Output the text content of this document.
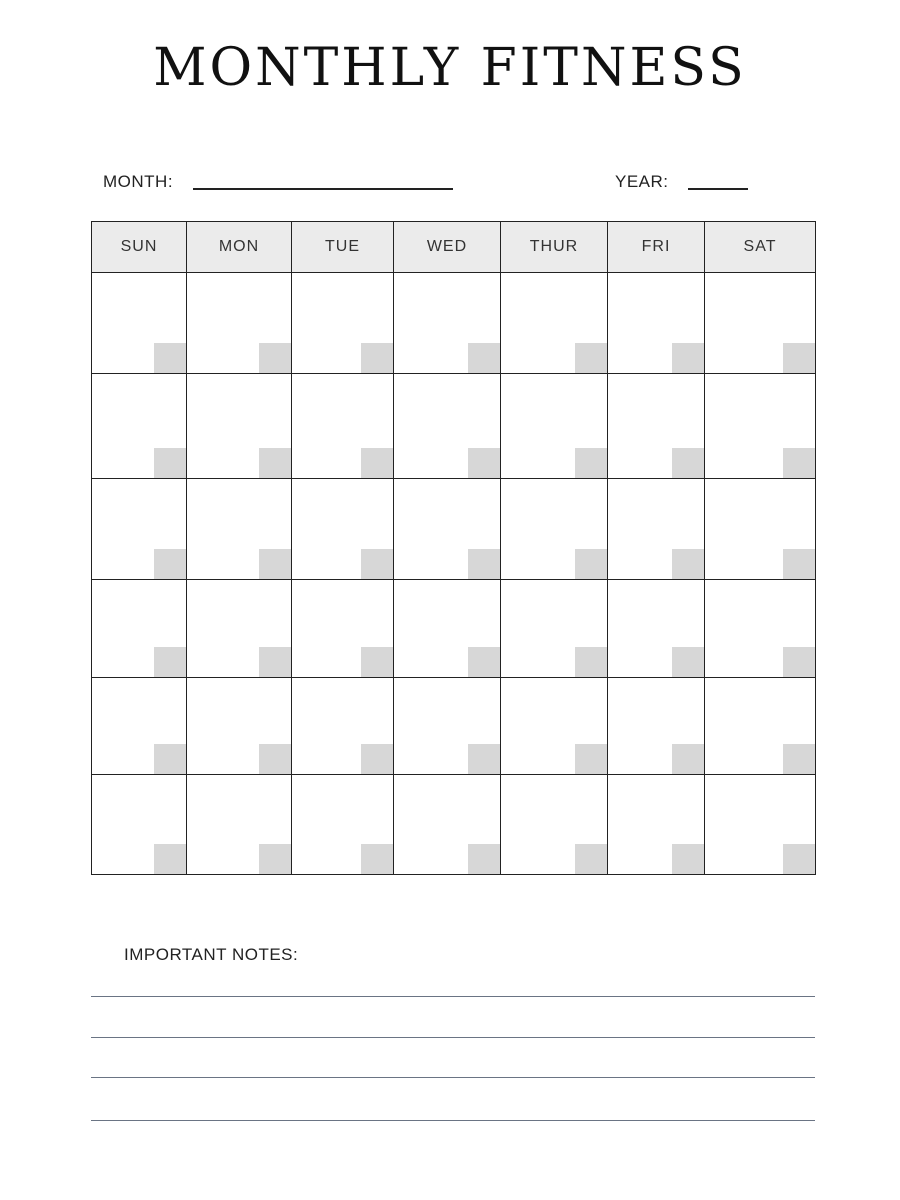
MONTHLY FITNESS
MONTH:	YEAR:
SUN	MON	TUE	WED	THUR	FRI	SAT

IMPORTANT NOTES:
